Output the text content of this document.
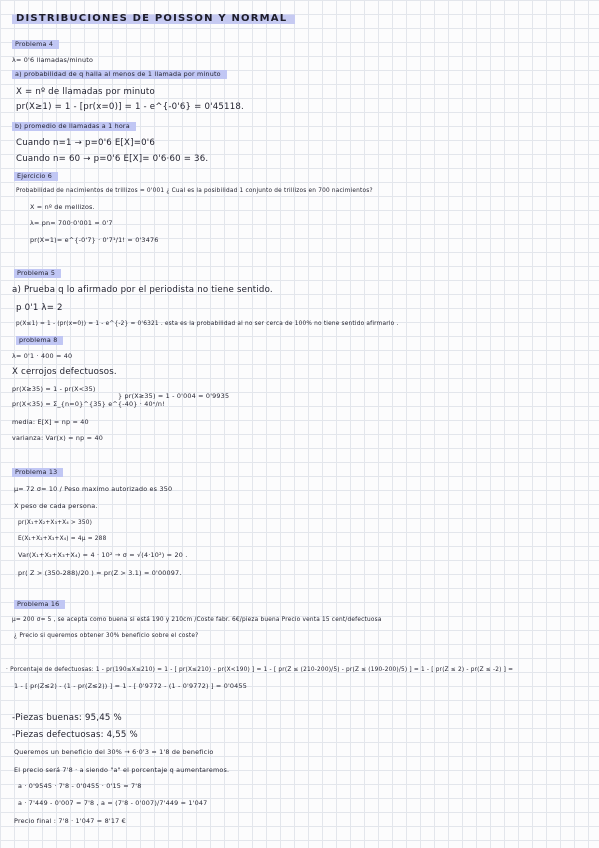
DISTRIBUCIONES DE POISSON Y NORMAL
Problema 4
λ= 0'6 llamadas/minuto
a) probabilidad de q halla al menos de 1 llamada por minuto
X = nº de llamadas por minuto
pr(X≥1) = 1 - [pr(x=0)] = 1 - e^{-0'6} = 0'45118.
b) promedio de llamadas a 1 hora
Cuando n=1 → p=0'6 E[X]=0'6
Cuando n= 60 → p=0'6 E[X]= 0'6·60 = 36.
Ejercicio 6
Probabilidad de nacimientos de trillizos = 0'001 ¿ Cual es la posibilidad 1 conjunto de trillizos en 700 nacimientos?
X = nº de mellizos.
λ= pn= 700·0'001 = 0'7
pr(X=1)= e^{-0'7} · 0'7¹/1! = 0'3476
Problema 5
a) Prueba q lo afirmado por el periodista no tiene sentido.
p 0'1 λ= 2
p(X≤1) = 1 - (pr(x=0)) = 1 - e^{-2} = 0'6321 . esta es la probabilidad al no ser cerca de 100% no tiene sentido afirmarlo .
problema 8
λ= 0'1 · 400 = 40
X cerrojos defectuosos.
pr(X≥35) = 1 - pr(X<35)
pr(X<35) = Σ_{n=0}^{35} e^{-40} · 40ⁿ/n!
} pr(X≥35) = 1 - 0'004 = 0'9935
media: E[X] = np = 40
varianza: Var(x) = np = 40
Problema 13
μ= 72 σ= 10 / Peso maximo autorizado es 350
X peso de cada persona.
pr(X₁+X₂+X₃+X₄ > 350)
E(X₁+X₂+X₃+X₄) = 4μ = 288
Var(X₁+X₂+X₃+X₄) = 4 · 10² → σ = √(4·10²) = 20 .
pr( Z > (350-288)/20 ) = pr(Z > 3.1) = 0'00097.
Problema 16
μ= 200 σ= 5 , se acepta como buena si está 190 y 210cm /Coste fabr. 6€/pieza buena Precio venta 15 cent/defectuosa
¿ Precio si queremos obtener 30% beneficio sobre el coste?
· Porcentaje de defectuosas: 1 - pr(190≤X≤210) = 1 - [ pr(X≤210) - pr(X<190) ] = 1 - [ pr(Z ≤ (210-200)/5) - pr(Z ≤ (190-200)/5) ] = 1 - [ pr(Z ≤ 2) - pr(Z ≤ -2) ] =
1 - [ pr(Z≤2) - (1 - pr(Z≤2)) ] = 1 - [ 0'9772 - (1 - 0'9772) ] = 0'0455
-Piezas buenas: 95,45 %
-Piezas defectuosas: 4,55 %
Queremos un beneficio del 30% → 6·0'3 = 1'8 de beneficio
El precio será 7'8 · a siendo "a" el porcentaje q aumentaremos.
a · 0'9545 · 7'8 - 0'0455 · 0'15 = 7'8
a · 7'449 - 0'007 = 7'8 , a = (7'8 - 0'007)/7'449 = 1'047
Precio final : 7'8 · 1'047 = 8'17 €
